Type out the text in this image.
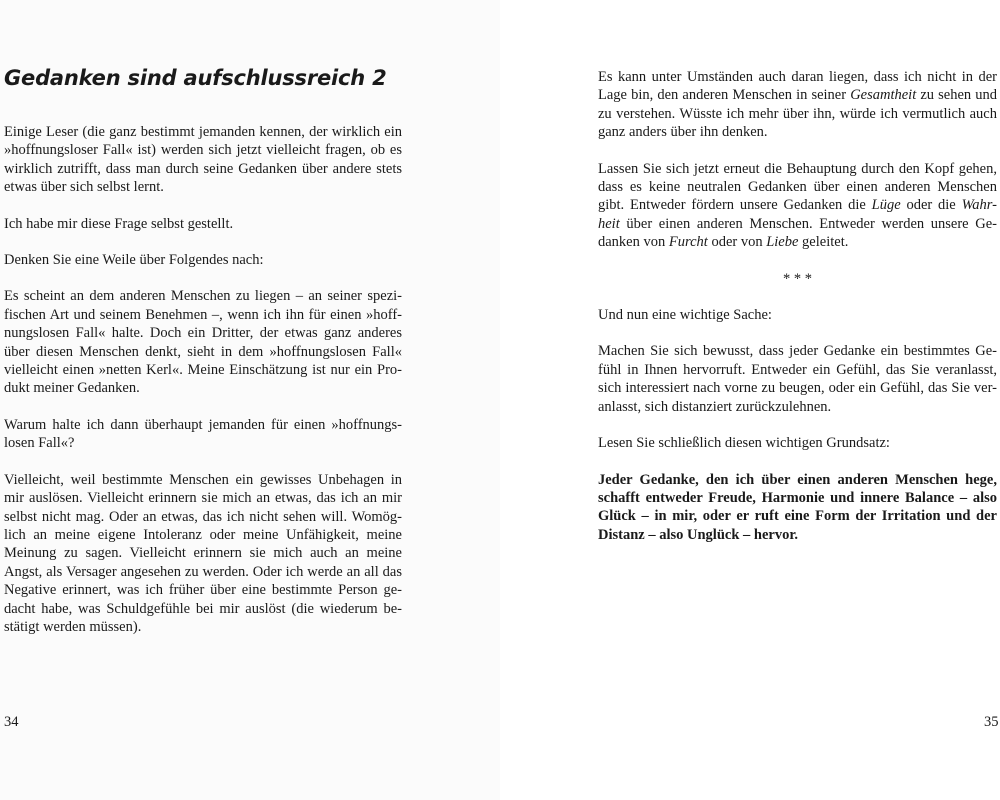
Gedanken sind aufschlussreich 2

Einige Leser (die ganz bestimmt jemanden kennen, der wirklich ein »hoffnungsloser Fall« ist) werden sich jetzt vielleicht fragen, ob es wirklich zutrifft, dass man durch seine Gedanken über andere stets etwas über sich selbst lernt.

Ich habe mir diese Frage selbst gestellt.

Denken Sie eine Weile über Folgendes nach:

Es scheint an dem anderen Menschen zu liegen – an seiner spezi-fischen Art und seinem Benehmen –, wenn ich ihn für einen »hoff-nungslosen Fall« halte. Doch ein Dritter, der etwas ganz anderes über diesen Menschen denkt, sieht in dem »hoffnungslosen Fall« vielleicht einen »netten Kerl«. Meine Einschätzung ist nur ein Pro-dukt meiner Gedanken.

Warum halte ich dann überhaupt jemanden für einen »hoffnungs-losen Fall«?

Vielleicht, weil bestimmte Menschen ein gewisses Unbehagen in mir auslösen. Vielleicht erinnern sie mich an etwas, das ich an mir selbst nicht mag. Oder an etwas, das ich nicht sehen will. Womög-lich an meine eigene Intoleranz oder meine Unfähigkeit, meine Meinung zu sagen. Vielleicht erinnern sie mich auch an meine Angst, als Versager angesehen zu werden. Oder ich werde an all das Negative erinnert, was ich früher über eine bestimmte Person ge-dacht habe, was Schuldgefühle bei mir auslöst (die wiederum be-stätigt werden müssen).

34

Es kann unter Umständen auch daran liegen, dass ich nicht in der Lage bin, den anderen Menschen in seiner Gesamtheit zu sehen und zu verstehen. Wüsste ich mehr über ihn, würde ich vermutlich auch ganz anders über ihn denken.

Lassen Sie sich jetzt erneut die Behauptung durch den Kopf gehen, dass es keine neutralen Gedanken über einen anderen Menschen gibt. Entweder fördern unsere Gedanken die Lüge oder die Wahr-heit über einen anderen Menschen. Entweder werden unsere Ge-danken von Furcht oder von Liebe geleitet.

* * *

Und nun eine wichtige Sache:

Machen Sie sich bewusst, dass jeder Gedanke ein bestimmtes Ge-fühl in Ihnen hervorruft. Entweder ein Gefühl, das Sie veranlasst, sich interessiert nach vorne zu beugen, oder ein Gefühl, das Sie ver-anlasst, sich distanziert zurückzulehnen.

Lesen Sie schließlich diesen wichtigen Grundsatz:

Jeder Gedanke, den ich über einen anderen Menschen hege, schafft entweder Freude, Harmonie und innere Balance – also Glück – in mir, oder er ruft eine Form der Irritation und der Distanz – also Unglück – hervor.

35
